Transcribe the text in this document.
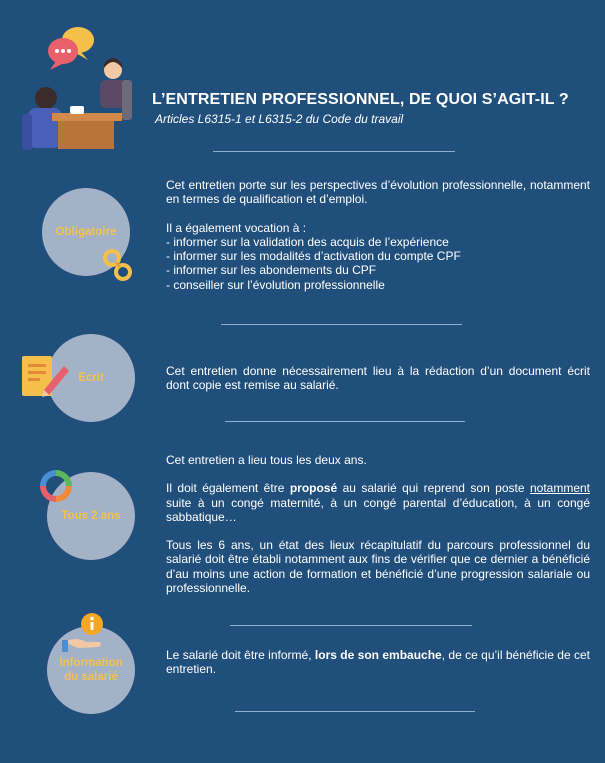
L’ENTRETIEN PROFESSIONNEL, DE QUOI S’AGIT-IL ?

Articles L6315-1 et L6315-2 du Code du travail

Obligatoire

Cet entretien porte sur les perspectives d’évolution professionnelle, notamment en termes de qualification et d’emploi.

Il a également vocation à :

- informer sur la validation des acquis de l’expérience

- informer sur les modalités d’activation du compte CPF

- informer sur les abondements du CPF

- conseiller sur l’évolution professionnelle

Ecrit	Cet entretien donne nécessairement lieu à la rédaction d’un document écrit dont copie est remise au salarié.

Tous 2 ans

Cet entretien a lieu tous les deux ans.

Il doit également être proposé au salarié qui reprend son poste notamment suite à un congé maternité, à un congé parental d’éducation, à un congé sabbatique…

Tous les 6 ans, un état des lieux récapitulatif du parcours professionnel du salarié doit être établi notamment aux fins de vérifier que ce dernier a bénéficié d’au moins une action de formation et bénéficié d’une progression salariale ou professionnelle.

Information
du salarié

Le salarié doit être informé, lors de son embauche, de ce qu’il bénéficie de cet entretien.
